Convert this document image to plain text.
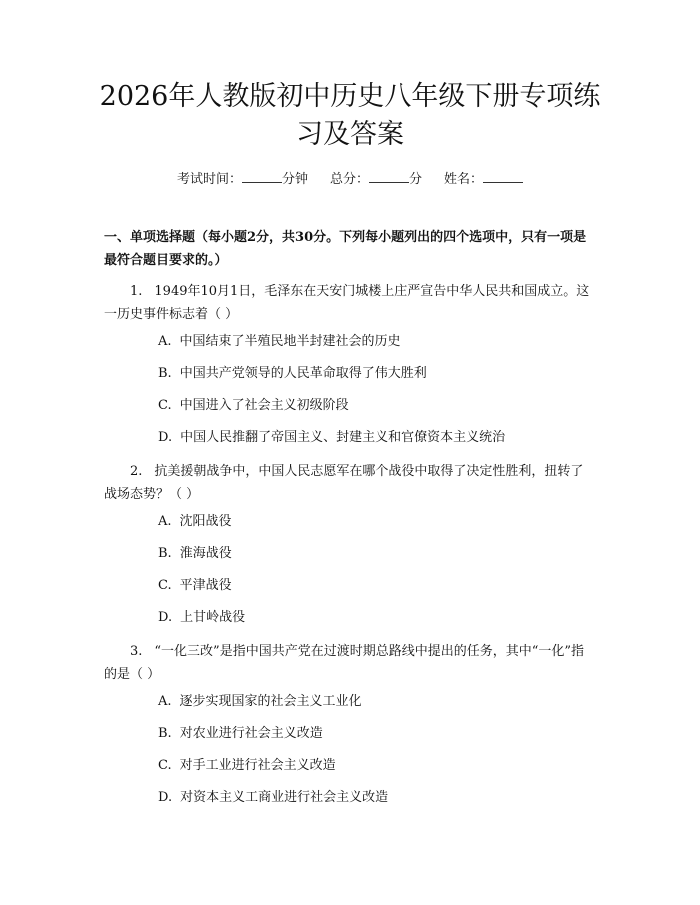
2026年人教版初中历史八年级下册专项练习及答案
考试时间：	分钟 总分：	分 姓名：

一、单项选择题（每小题2分，共30分。下列每小题列出的四个选项中，只有一项是最符合题目要求的。）

1. 1949年10月1日，毛泽东在天安门城楼上庄严宣告中华人民共和国成立。这一历史事件标志着（ ）

A. 中国结束了半殖民地半封建社会的历史
B. 中国共产党领导的人民革命取得了伟大胜利
C. 中国进入了社会主义初级阶段
D. 中国人民推翻了帝国主义、封建主义和官僚资本主义统治

2. 抗美援朝战争中，中国人民志愿军在哪个战役中取得了决定性胜利，扭转了战场态势？（ ）

A. 沈阳战役
B. 淮海战役
C. 平津战役
D. 上甘岭战役

3. “一化三改”是指中国共产党在过渡时期总路线中提出的任务，其中“一化”指的是（ ）

A. 逐步实现国家的社会主义工业化
B. 对农业进行社会主义改造
C. 对手工业进行社会主义改造
D. 对资本主义工商业进行社会主义改造
